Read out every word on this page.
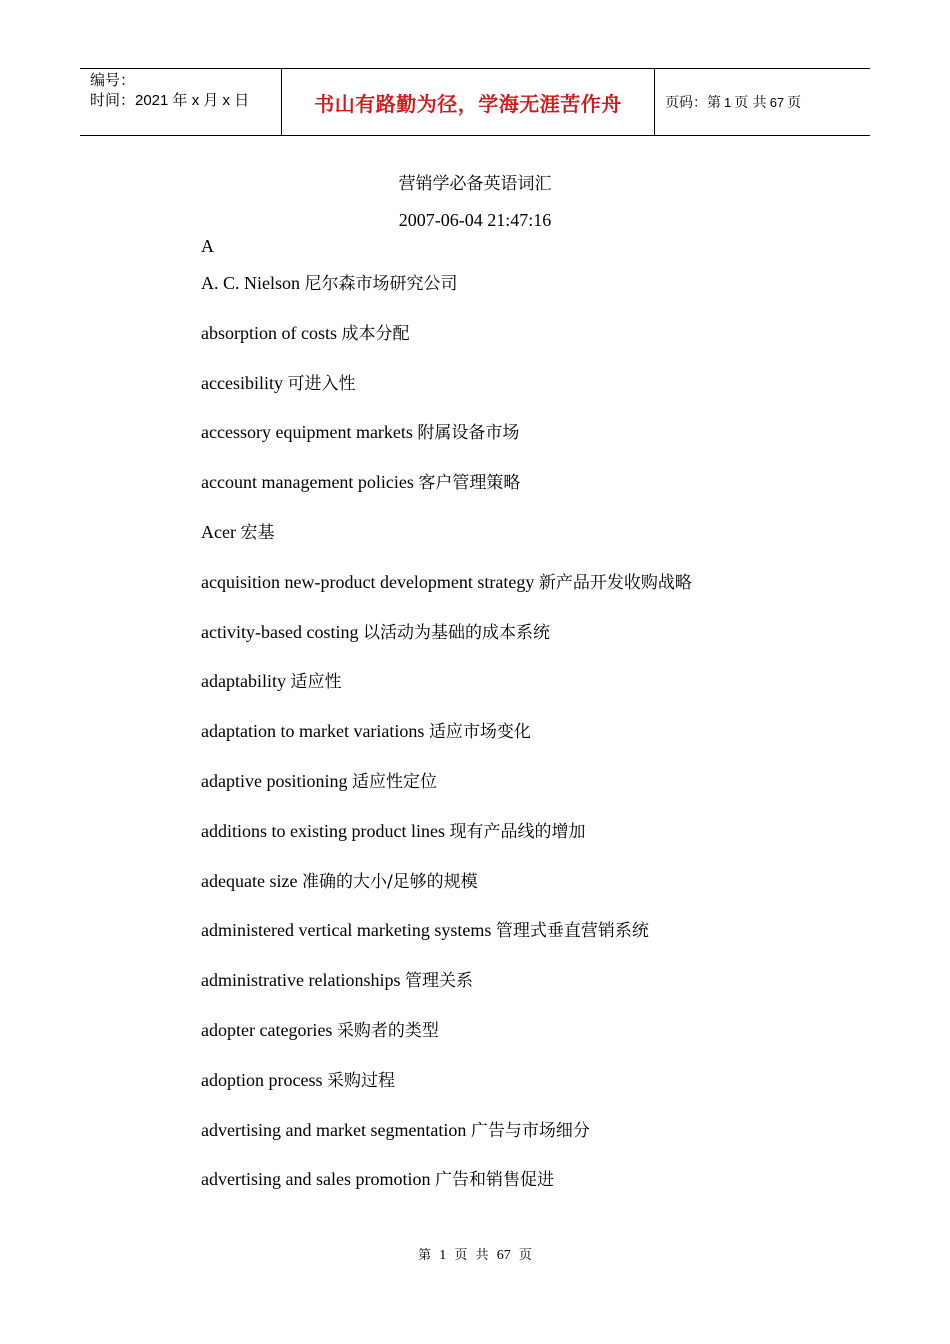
编号：
时间：2021 年 x 月 x 日	书山有路勤为径，学海无涯苦作舟	页码：第 1 页 共 67 页
营销学必备英语词汇
2007-06-04 21:47:16
A
A. C. Nielson 尼尔森市场研究公司
absorption of costs 成本分配
accesibility 可进入性
accessory equipment markets 附属设备市场
account management policies 客户管理策略
Acer 宏基
acquisition new-product development strategy 新产品开发收购战略
activity-based costing 以活动为基础的成本系统
adaptability 适应性
adaptation to market variations 适应市场变化
adaptive positioning 适应性定位
additions to existing product lines 现有产品线的增加
adequate size 准确的大小/足够的规模
administered vertical marketing systems 管理式垂直营销系统
administrative relationships 管理关系
adopter categories 采购者的类型
adoption process 采购过程
advertising and market segmentation 广告与市场细分
advertising and sales promotion 广告和销售促进
第 1 页 共 67 页
